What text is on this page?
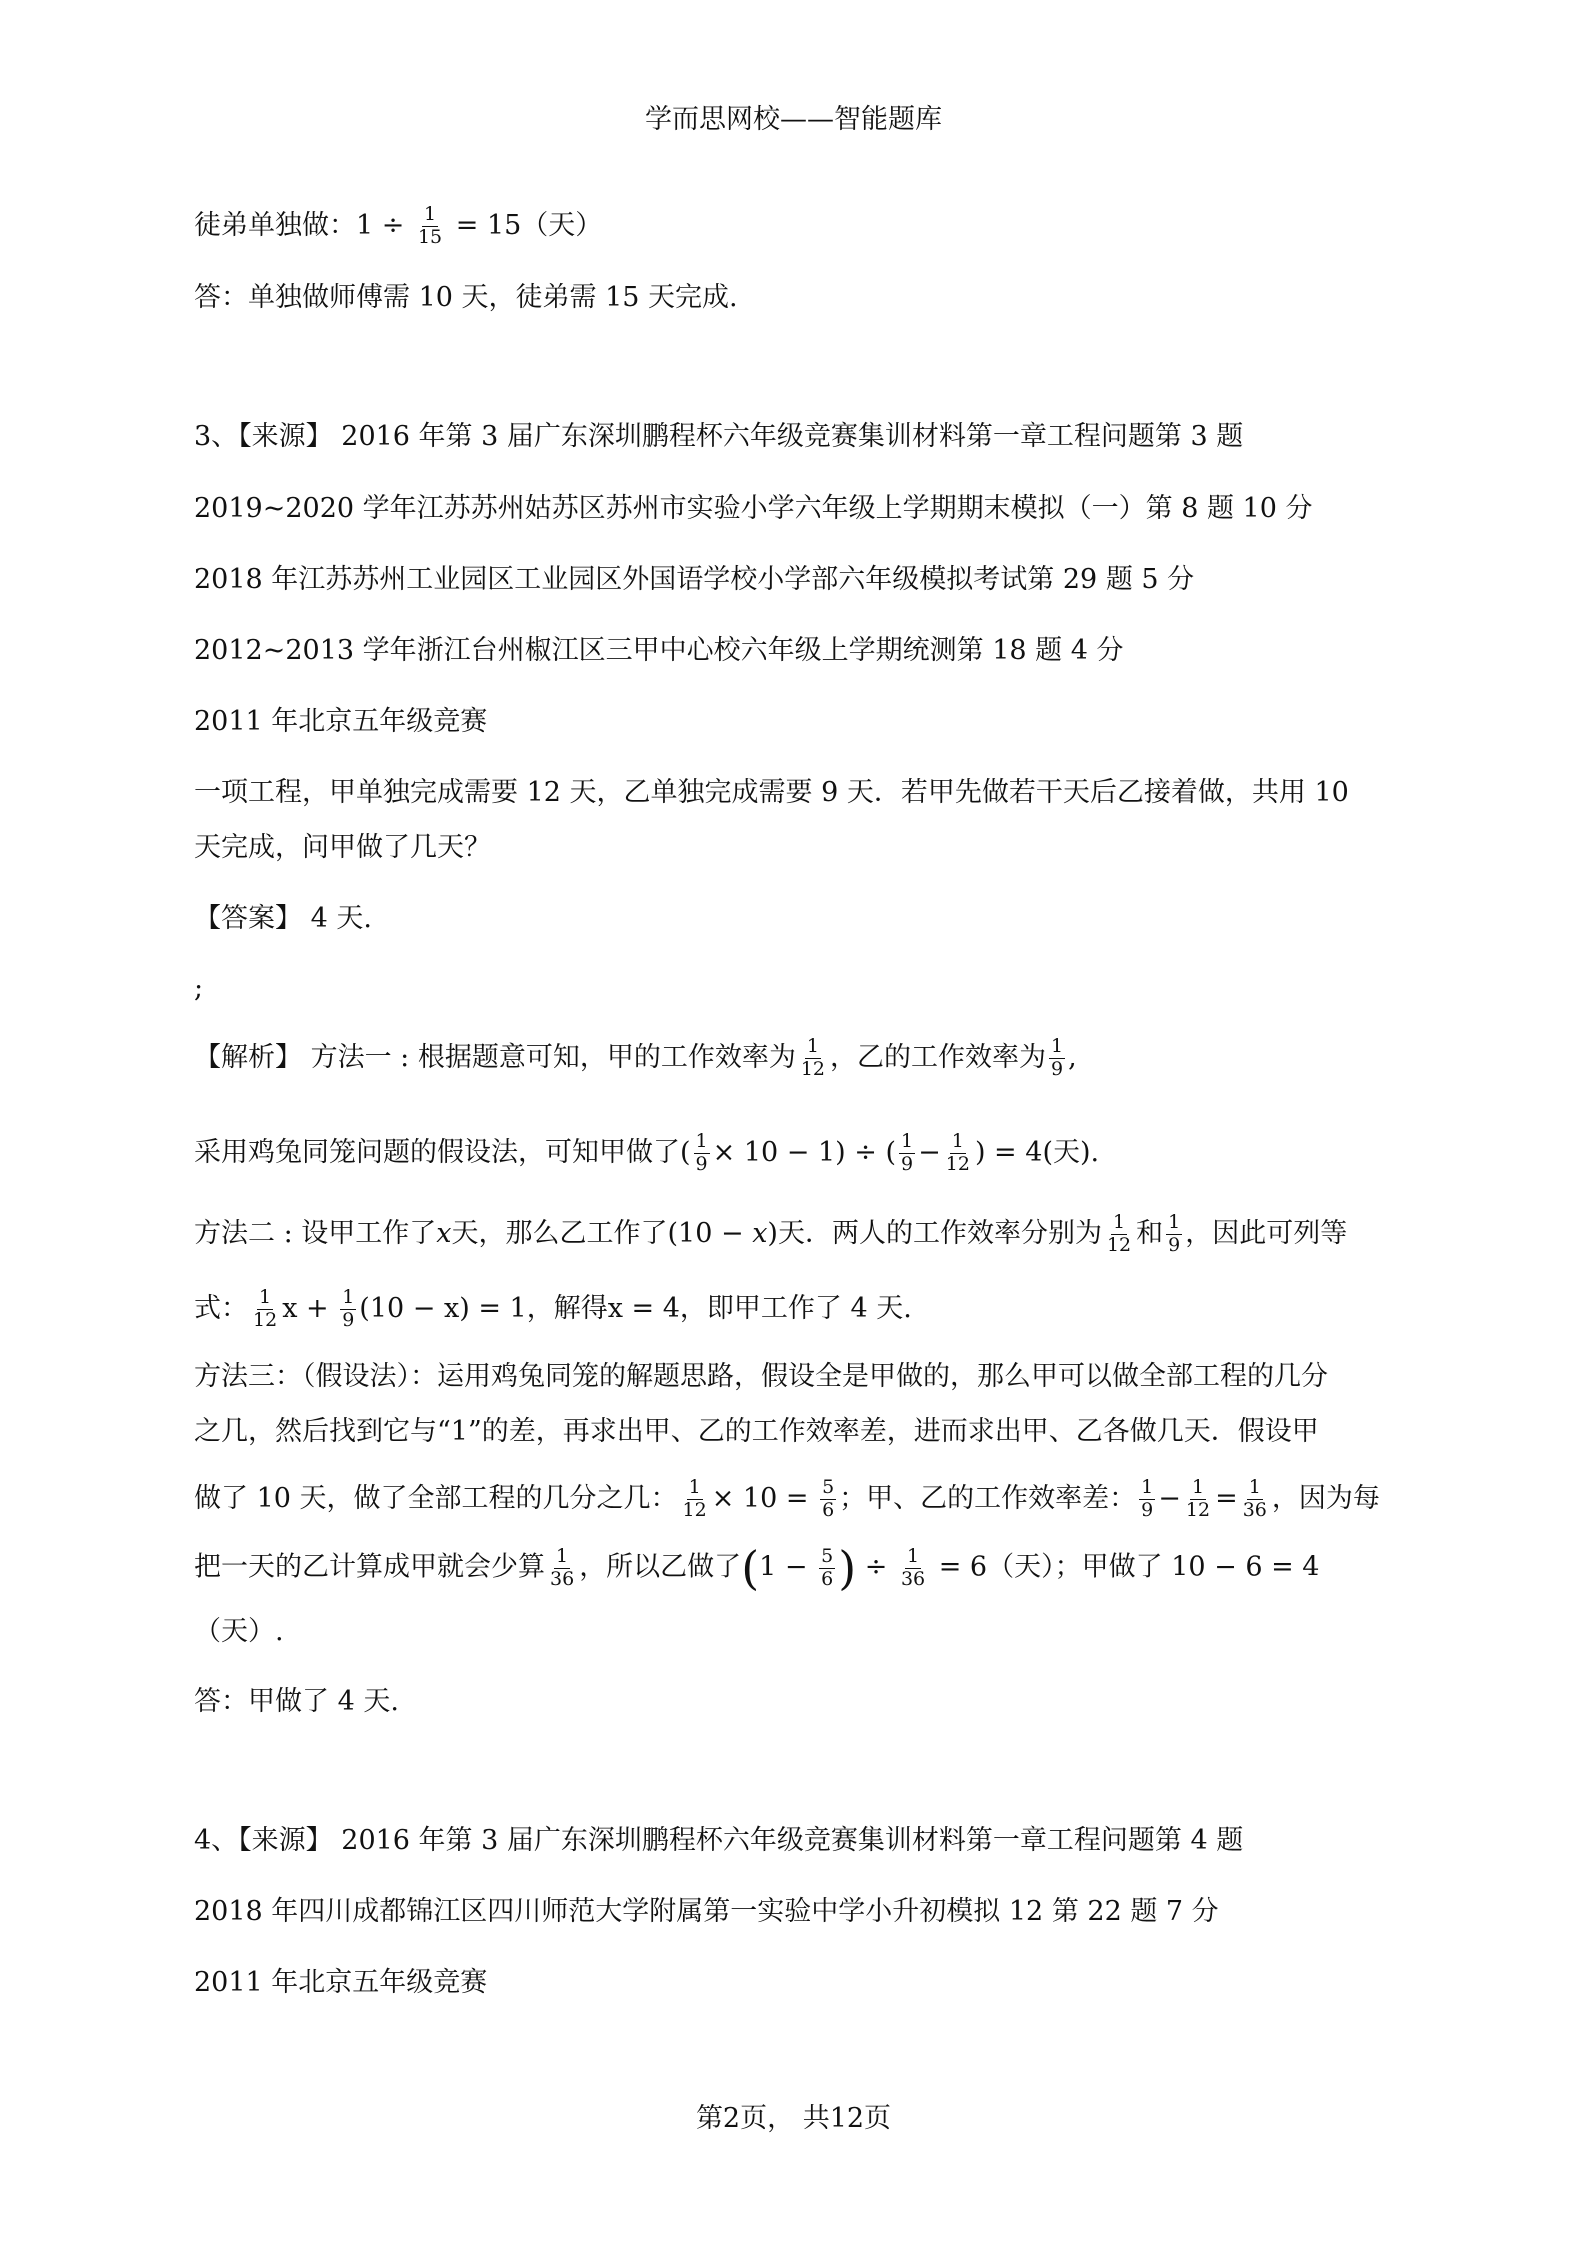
学而思网校——智能题库
徒弟单独做：$1 \div \frac{1}{15} = 15$（天）
答：单独做师傅需 10 天，徒弟需 15 天完成.
3、【来源】 2016 年第 3 届广东深圳鹏程杯六年级竞赛集训材料第一章工程问题第 3 题
2019~2020 学年江苏苏州姑苏区苏州市实验小学六年级上学期期末模拟（一）第 8 题 10 分
2018 年江苏苏州工业园区工业园区外国语学校小学部六年级模拟考试第 29 题 5 分
2012~2013 学年浙江台州椒江区三甲中心校六年级上学期统测第 18 题 4 分
2011 年北京五年级竞赛
一项工程，甲单独完成需要 12 天，乙单独完成需要 9 天．若甲先做若干天后乙接着做，共用 10
天完成，问甲做了几天？
【答案】 4 天.
;
【解析】 方法一 : 根据题意可知，甲的工作效率为 $\frac{1}{12}$ ，乙的工作效率为 $\frac{1}{9}$ ,
采用鸡兔同笼问题的假设法，可知甲做了( $\frac{1}{9} \times 10 - 1$) ÷ ( $\frac{1}{9} - \frac{1}{12}$ ) = 4(天).
方法二 : 设甲工作了x天，那么乙工作了(10 − x)天．两人的工作效率分别为 $\frac{1}{12}$ 和 $\frac{1}{9}$ ，因此可列等
式： $\frac{1}{12}$ $x + \frac{1}{9} (10 - x) = 1$，解得x = 4，即甲工作了 4 天.
方法三：（假设法）：运用鸡兔同笼的解题思路，假设全是甲做的，那么甲可以做全部工程的几分
之几，然后找到它与“1”的差，再求出甲、乙的工作效率差，进而求出甲、乙各做几天．假设甲
做了 10 天，做了全部工程的几分之几： $\frac{1}{12} \times 10 = \frac{5}{6}$ ；甲、乙的工作效率差： $\frac{1}{9} - \frac{1}{12} = \frac{1}{36}$ ，因为每
把一天的乙计算成甲就会少算 $\frac{1}{36}$ ，所以乙做了($1 - \frac{5}{6}$ ) ÷ $\frac{1}{36} = 6$（天）；甲做了 10 − 6 = 4
（天）.
答：甲做了 4 天.
4、【来源】 2016 年第 3 届广东深圳鹏程杯六年级竞赛集训材料第一章工程问题第 4 题
2018 年四川成都锦江区四川师范大学附属第一实验中学小升初模拟 12 第 22 题 7 分
2011 年北京五年级竞赛
第2页， 共12页
